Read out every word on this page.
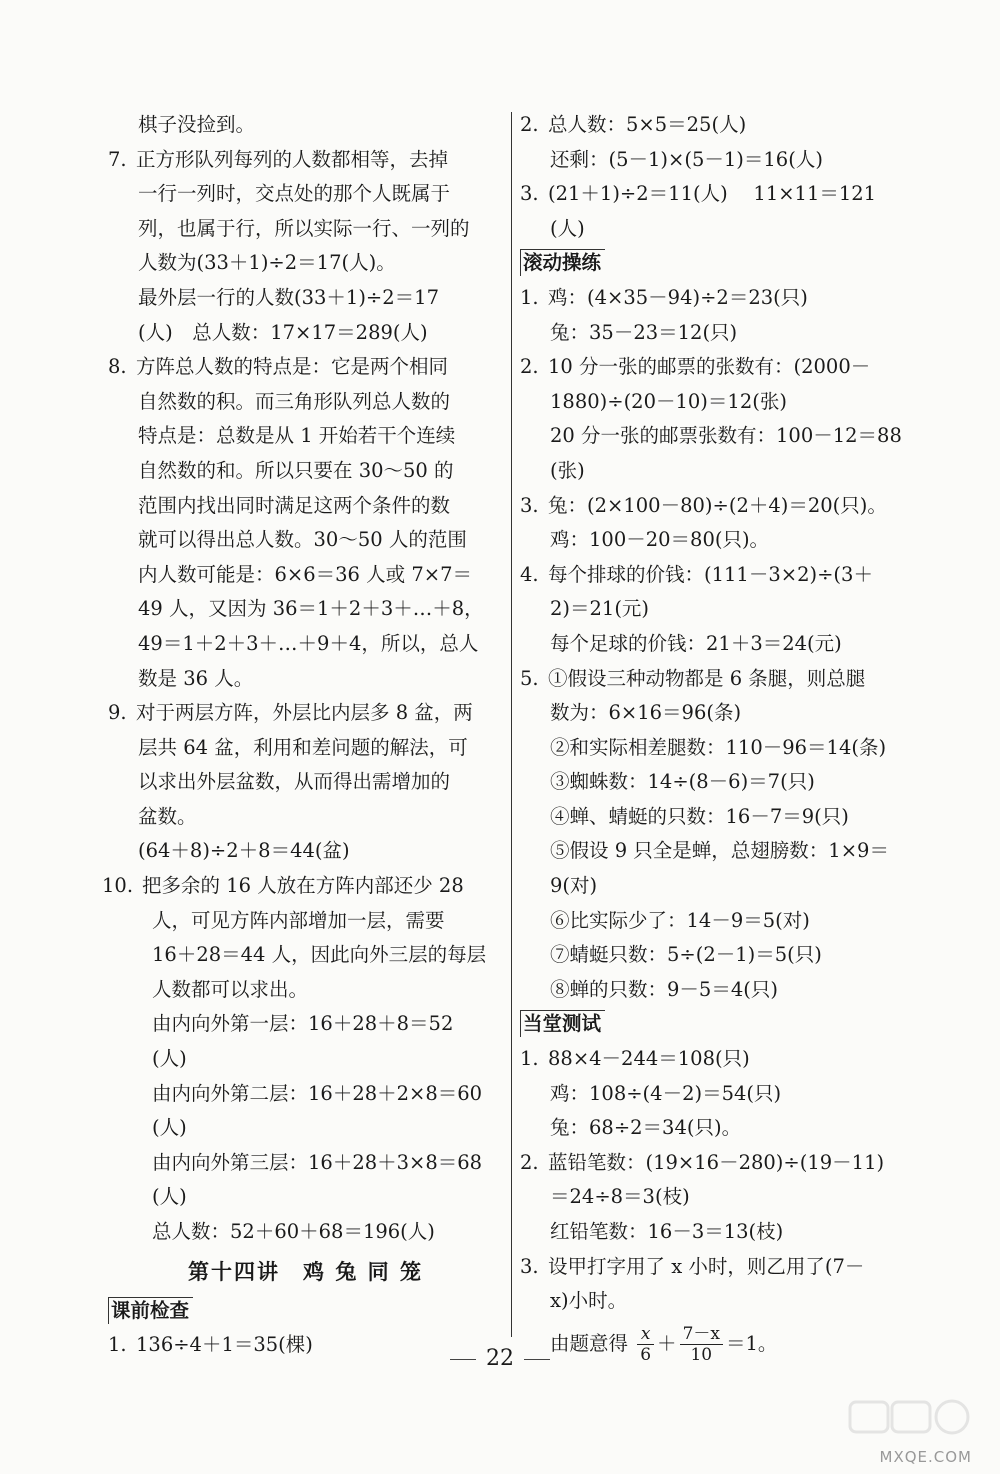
棋子没捡到。
7. 正方形队列每列的人数都相等，去掉
一行一列时，交点处的那个人既属于
列，也属于行，所以实际一行、一列的
人数为(33＋1)÷2＝17(人)。
最外层一行的人数(33＋1)÷2＝17
(人)　总人数：17×17＝289(人)
8. 方阵总人数的特点是：它是两个相同
自然数的积。而三角形队列总人数的
特点是：总数是从 1 开始若干个连续
自然数的和。所以只要在 30～50 的
范围内找出同时满足这两个条件的数
就可以得出总人数。30～50 人的范围
内人数可能是：6×6＝36 人或 7×7＝
49 人，又因为 36＝1＋2＋3＋…＋8，
49＝1＋2＋3＋…＋9＋4，所以，总人
数是 36 人。
9. 对于两层方阵，外层比内层多 8 盆，两
层共 64 盆，利用和差问题的解法，可
以求出外层盆数，从而得出需增加的
盆数。
(64＋8)÷2＋8＝44(盆)
10. 把多余的 16 人放在方阵内部还少 28
人，可见方阵内部增加一层，需要
16＋28＝44 人，因此向外三层的每层
人数都可以求出。
由内向外第一层：16＋28＋8＝52
(人)
由内向外第二层：16＋28＋2×8＝60
(人)
由内向外第三层：16＋28＋3×8＝68
(人)
总人数：52＋60＋68＝196(人)
第十四讲　鸡 兔 同 笼
课前检查
1. 136÷4＋1＝35(棵)
2. 总人数：5×5＝25(人)
还剩：(5－1)×(5－1)＝16(人)
3. (21＋1)÷2＝11(人)　 11×11＝121
(人)
滚动操练
1. 鸡：(4×35－94)÷2＝23(只)
兔：35－23＝12(只)
2. 10 分一张的邮票的张数有：(2000－
1880)÷(20－10)＝12(张)
20 分一张的邮票张数有：100－12＝88
(张)
3. 兔：(2×100－80)÷(2＋4)＝20(只)。
鸡：100－20＝80(只)。
4. 每个排球的价钱：(111－3×2)÷(3＋
2)＝21(元)
每个足球的价钱：21＋3＝24(元)
5. ①假设三种动物都是 6 条腿，则总腿
数为：6×16＝96(条)
②和实际相差腿数：110－96＝14(条)
③蜘蛛数：14÷(8－6)＝7(只)
④蝉、蜻蜓的只数：16－7＝9(只)
⑤假设 9 只全是蝉，总翅膀数：1×9＝
9(对)
⑥比实际少了：14－9＝5(对)
⑦蜻蜓只数：5÷(2－1)＝5(只)
⑧蝉的只数：9－5＝4(只)
当堂测试
1. 88×4－244＝108(只)
鸡：108÷(4－2)＝54(只)
兔：68÷2＝34(只)。
2. 蓝铅笔数：(19×16－280)÷(19－11)
＝24÷8＝3(枝)
红铅笔数：16－3＝13(枝)
3. 设甲打字用了 x 小时，则乙用了(7－
x)小时。
由题意得 $\frac{x}{6} + \frac{7-x}{10} =1$。
22
MXQE.COM
